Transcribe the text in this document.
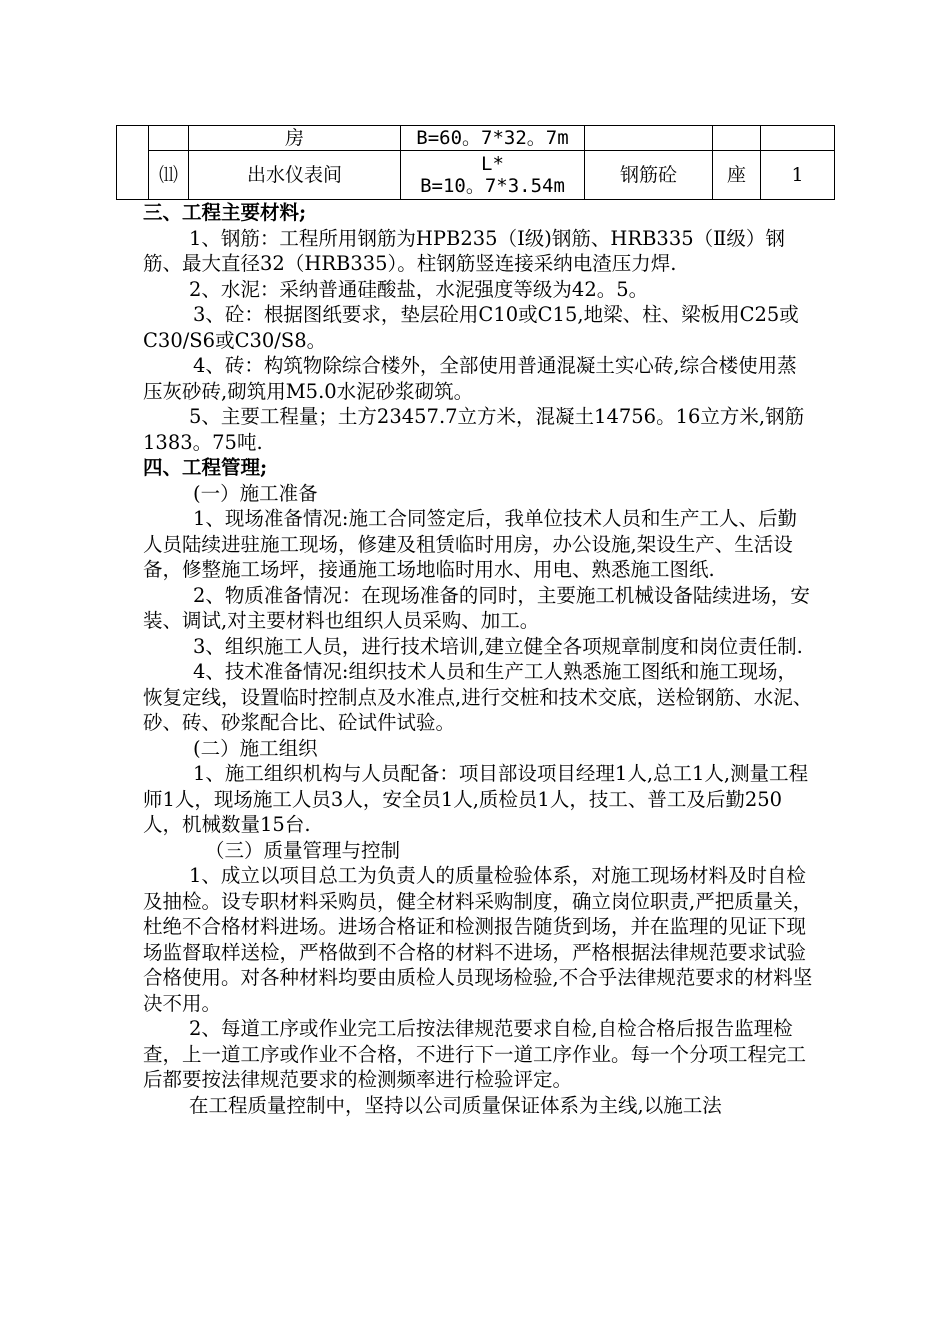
		房	B=60。7*32。7m			
	⑾	出水仪表间	L*
B=10。7*3.54m	钢筋砼	座	1

三、工程主要材料;

1、钢筋：工程所用钢筋为HPB235（Ⅰ级)钢筋、HRB335（Ⅱ级）钢筋、最大直径32（HRB335）。柱钢筋竖连接采纳电渣压力焊.

2、水泥：采纳普通硅酸盐，水泥强度等级为42。5。

3、砼：根据图纸要求，垫层砼用C10或C15,地梁、柱、梁板用C25或C30/S6或C30/S8。

4、砖：构筑物除综合楼外，全部使用普通混凝土实心砖,综合楼使用蒸压灰砂砖,砌筑用M5.0水泥砂浆砌筑。

5、主要工程量；土方23457.7立方米，混凝土14756。16立方米,钢筋1383。75吨.

四、工程管理;

(一）施工准备

1、现场准备情况:施工合同签定后，我单位技术人员和生产工人、后勤人员陆续进驻施工现场，修建及租赁临时用房，办公设施,架设生产、生活设备，修整施工场坪，接通施工场地临时用水、用电、熟悉施工图纸.

2、物质准备情况：在现场准备的同时，主要施工机械设备陆续进场，安装、调试,对主要材料也组织人员采购、加工。

3、组织施工人员，进行技术培训,建立健全各项规章制度和岗位责任制.

4、技术准备情况:组织技术人员和生产工人熟悉施工图纸和施工现场，恢复定线，设置临时控制点及水准点,进行交桩和技术交底，送检钢筋、水泥、砂、砖、砂浆配合比、砼试件试验。

(二）施工组织

1、施工组织机构与人员配备：项目部设项目经理1人,总工1人,测量工程师1人，现场施工人员3人，安全员1人,质检员1人，技工、普工及后勤250人，机械数量15台.

（三）质量管理与控制

1、成立以项目总工为负责人的质量检验体系，对施工现场材料及时自检及抽检。设专职材料采购员，健全材料采购制度，确立岗位职责,严把质量关，杜绝不合格材料进场。进场合格证和检测报告随货到场，并在监理的见证下现场监督取样送检，严格做到不合格的材料不进场，严格根据法律规范要求试验合格使用。对各种材料均要由质检人员现场检验,不合乎法律规范要求的材料坚决不用。

2、每道工序或作业完工后按法律规范要求自检,自检合格后报告监理检查，上一道工序或作业不合格，不进行下一道工序作业。每一个分项工程完工后都要按法律规范要求的检测频率进行检验评定。

在工程质量控制中，坚持以公司质量保证体系为主线,以施工法
